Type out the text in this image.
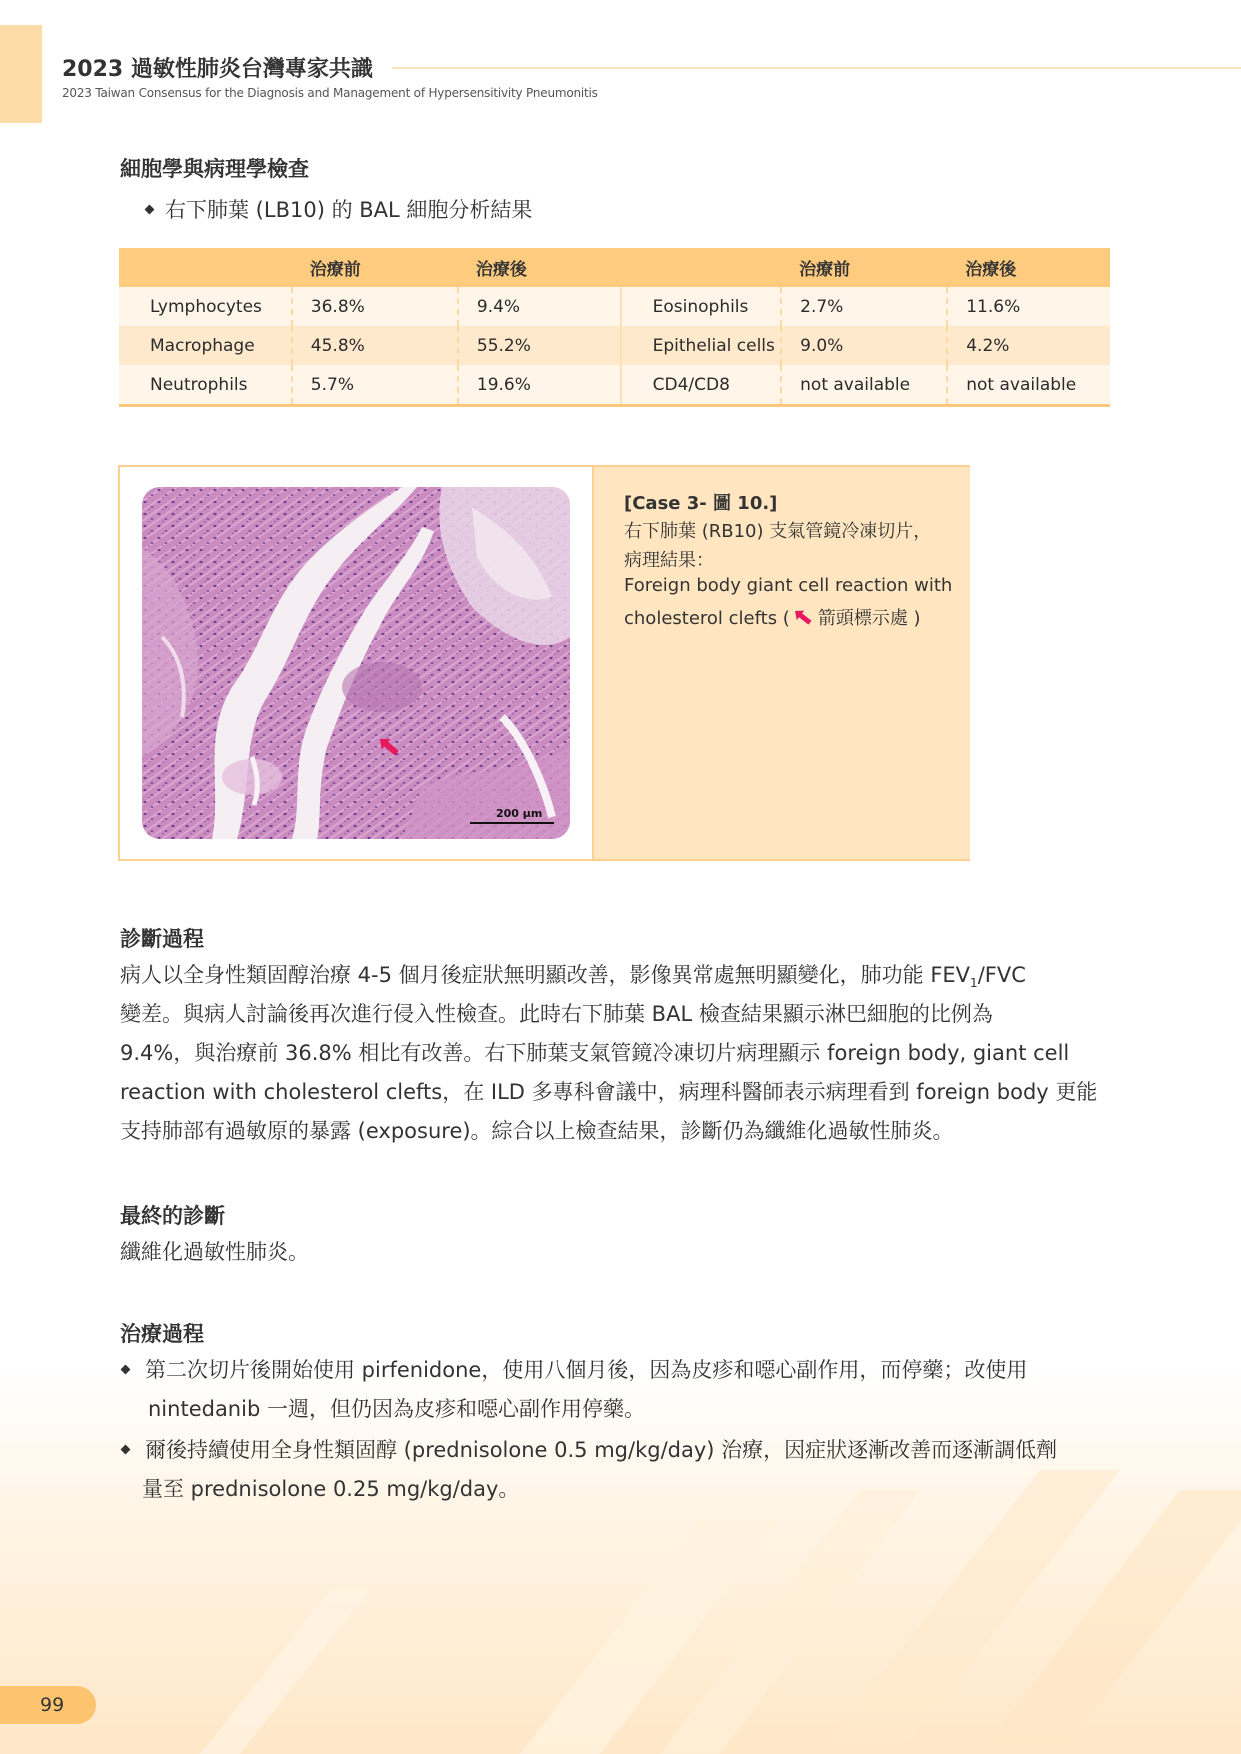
2023 過敏性肺炎台灣專家共識
2023 Taiwan Consensus for the Diagnosis and Management of Hypersensitivity Pneumonitis
細胞學與病理學檢查
右下肺葉 (LB10) 的 BAL 細胞分析結果
	治療前	治療後		治療前	治療後
Lymphocytes	36.8%	9.4%	Eosinophils	2.7%	11.6%
Macrophage	45.8%	55.2%	Epithelial cells	9.0%	4.2%
Neutrophils	5.7%	19.6%	CD4/CD8	not available	not available
200 μm
[Case 3- 圖 10.]
右下肺葉 (RB10) 支氣管鏡冷凍切片，
病理結果：
Foreign body giant cell reaction with
cholesterol clefts ( 箭頭標示處 )
診斷過程
病人以全身性類固醇治療 4-5 個月後症狀無明顯改善，影像異常處無明顯變化，肺功能 $FEV_1$/FVC
變差。與病人討論後再次進行侵入性檢查。此時右下肺葉 BAL 檢查結果顯示淋巴細胞的比例為
9.4%，與治療前 36.8% 相比有改善。右下肺葉支氣管鏡冷凍切片病理顯示 foreign body, giant cell
reaction with cholesterol clefts，在 ILD 多專科會議中，病理科醫師表示病理看到 foreign body 更能
支持肺部有過敏原的暴露 (exposure)。綜合以上檢查結果，診斷仍為纖維化過敏性肺炎。
最終的診斷
纖維化過敏性肺炎。
治療過程
第二次切片後開始使用 pirfenidone，使用八個月後，因為皮疹和噁心副作用，而停藥；改使用
nintedanib 一週，但仍因為皮疹和噁心副作用停藥。
爾後持續使用全身性類固醇 (prednisolone 0.5 mg/kg/day) 治療，因症狀逐漸改善而逐漸調低劑
量至 prednisolone 0.25 mg/kg/day。
99
